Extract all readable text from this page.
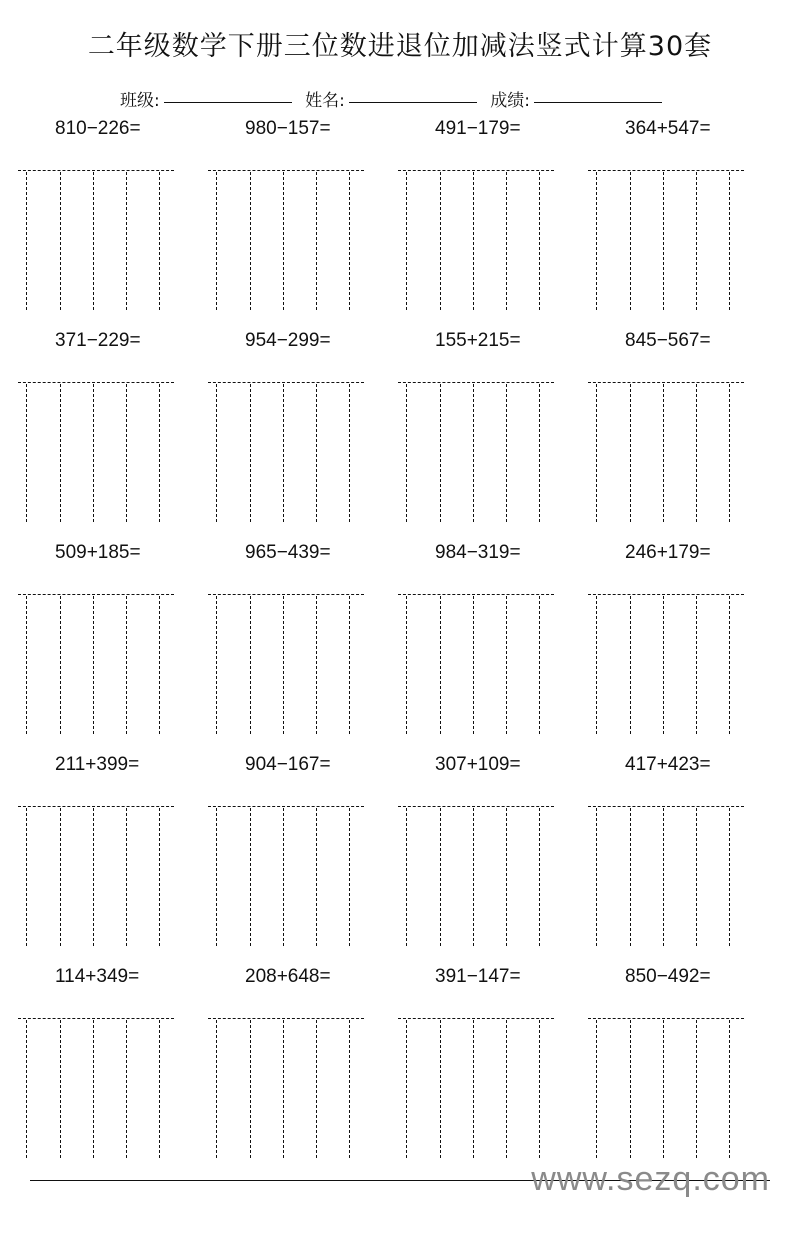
二年级数学下册三位数进退位加减法竖式计算30套
班级:	姓名:	成绩:
810−226=	980−157=	491−179=	364+547=
371−229=	954−299=	155+215=	845−567=
509+185=	965−439=	984−319=	246+179=
211+399=	904−167=	307+109=	417+423=
114+349=	208+648=	391−147=	850−492=
www.sezq.com
